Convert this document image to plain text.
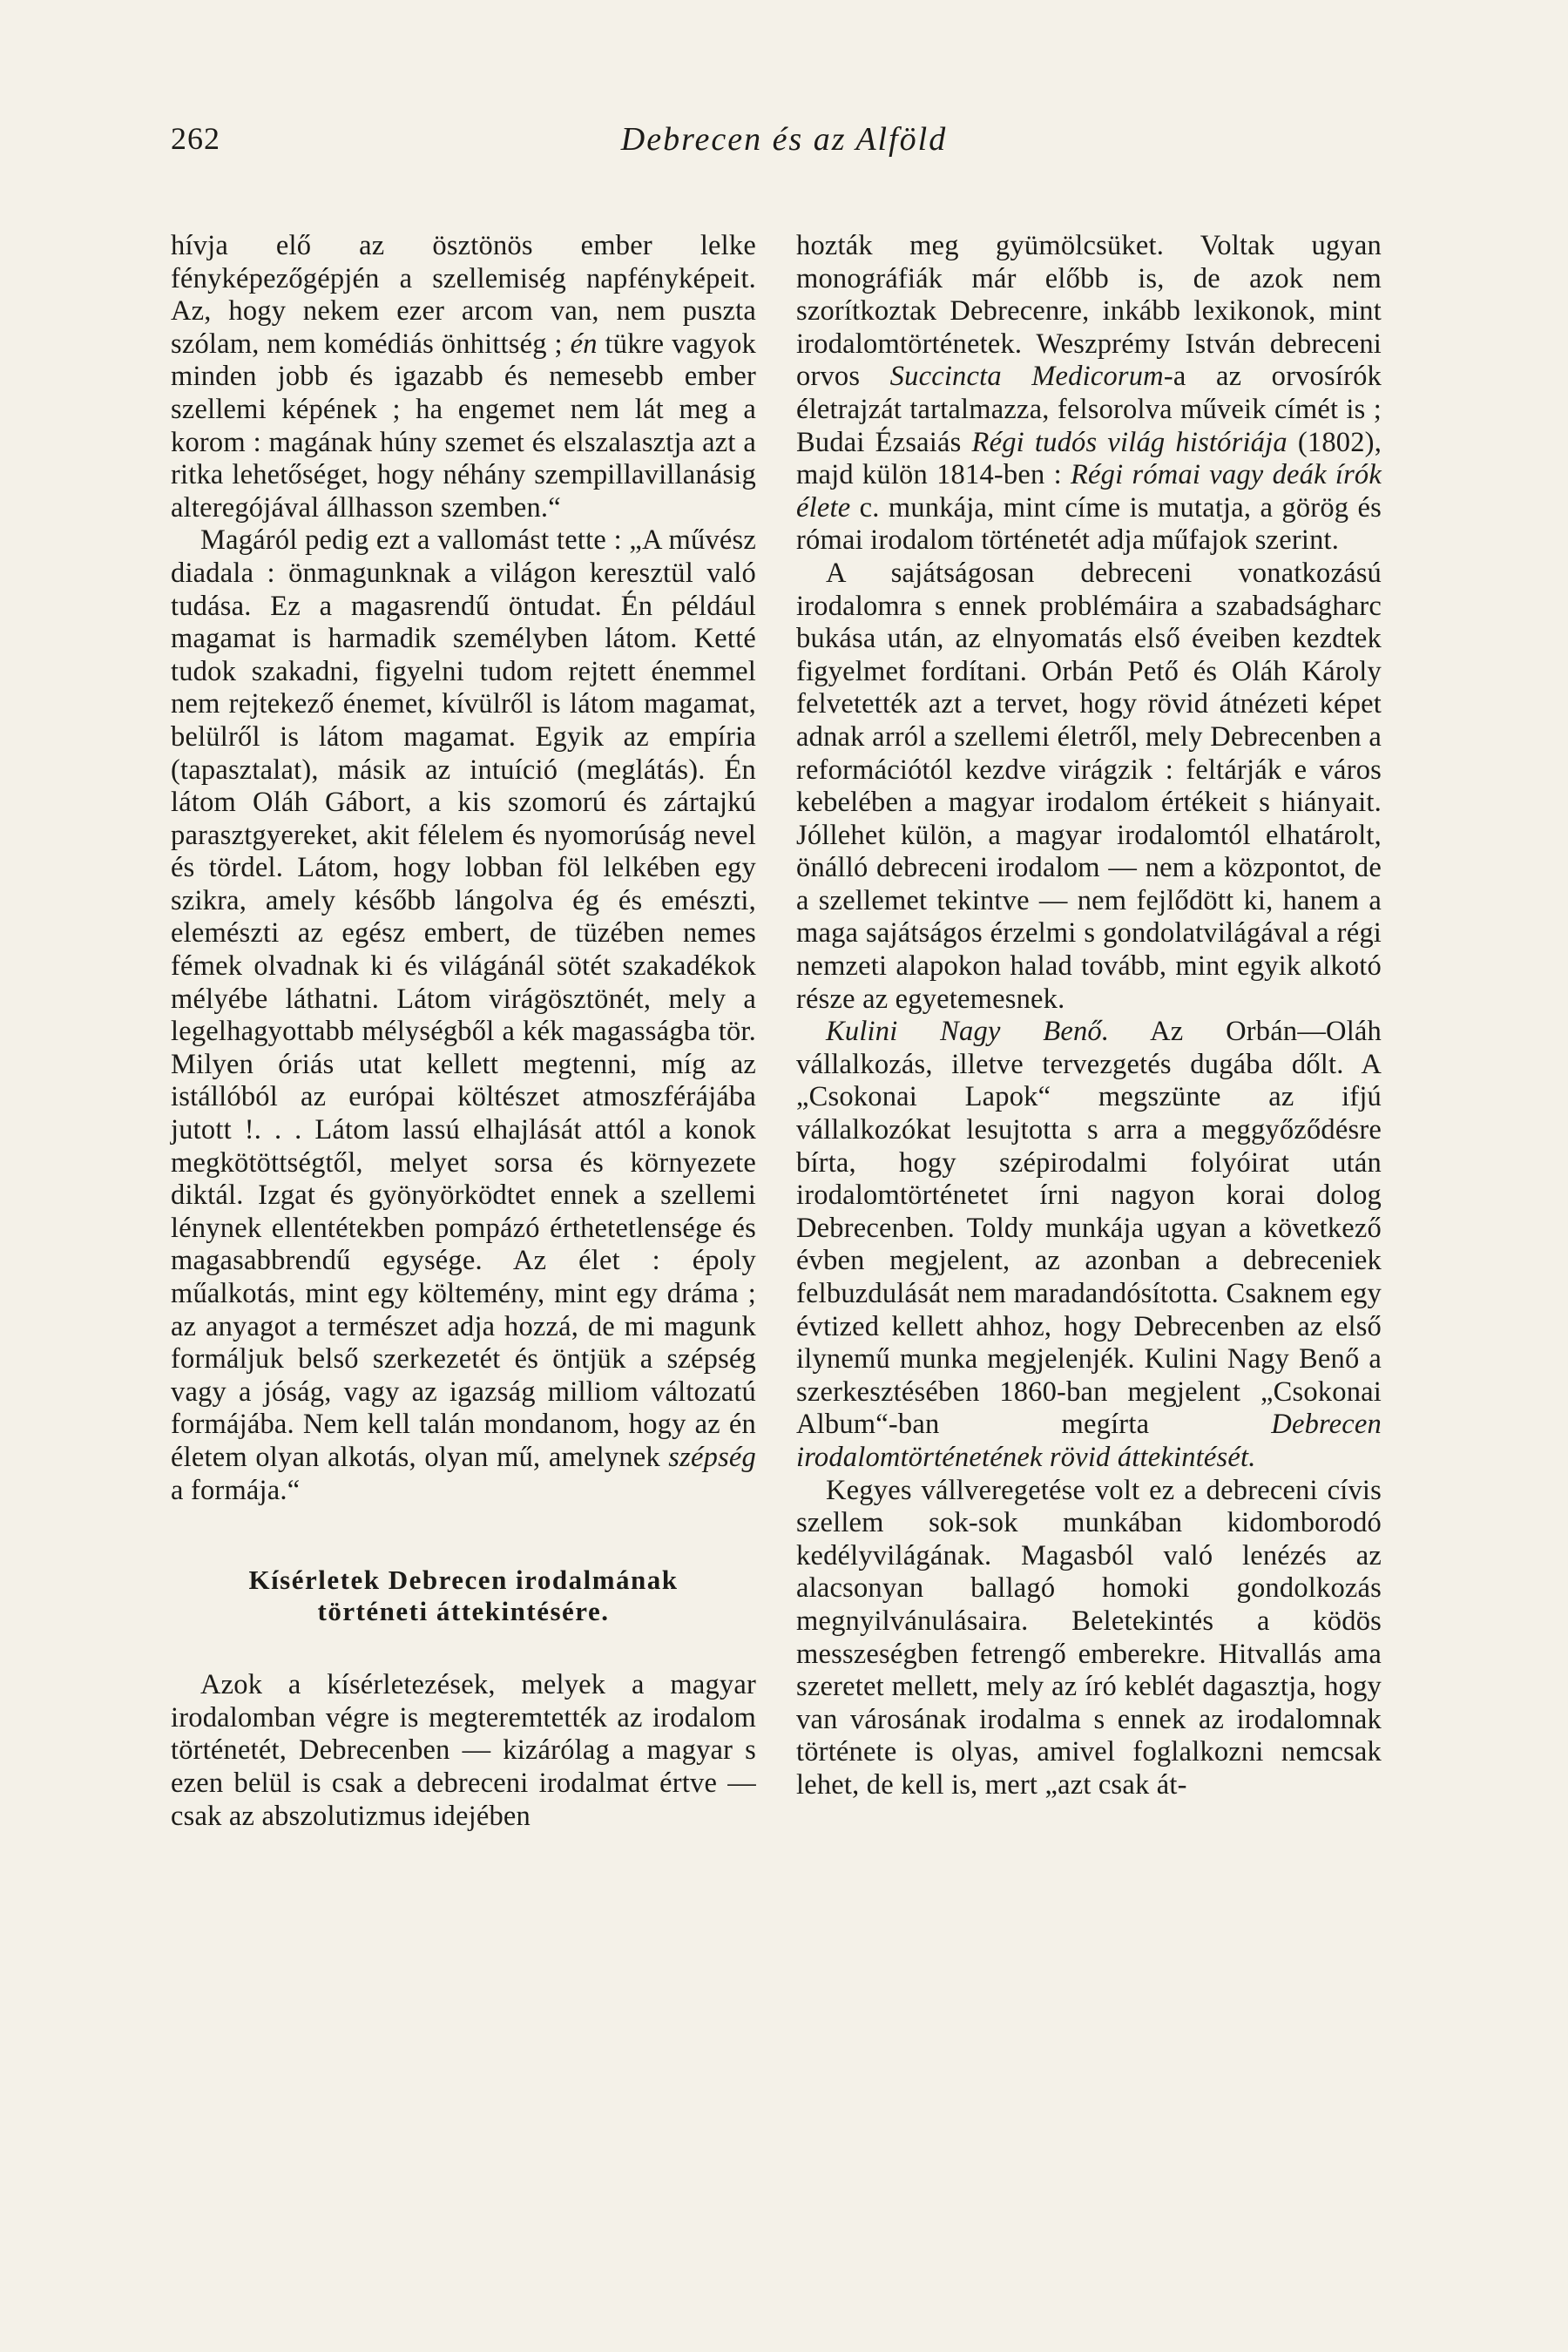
262	Debrecen és az Alföld

hívja elő az ösztönös ember lelke fényképezőgépjén a szellemiség napfényképeit. Az, hogy nekem ezer arcom van, nem puszta szólam, nem komédiás önhittség ; én tükre vagyok minden jobb és igazabb és nemesebb ember szellemi képének ; ha engemet nem lát meg a korom : magának húny szemet és elszalasztja azt a ritka lehetőséget, hogy néhány szempillavillanásig alteregójával állhasson szemben.“

Magáról pedig ezt a vallomást tette : „A művész diadala : önmagunknak a világon keresztül való tudása. Ez a magasrendű öntudat. Én például magamat is harmadik személyben látom. Ketté tudok szakadni, figyelni tudom rejtett énemmel nem rejtekező énemet, kívülről is látom magamat, belülről is látom magamat. Egyik az empíria (tapasztalat), másik az intuíció (meglátás). Én látom Oláh Gábort, a kis szomorú és zártajkú parasztgyereket, akit félelem és nyomorúság nevel és tördel. Látom, hogy lobban föl lelkében egy szikra, amely később lángolva ég és emészti, elemészti az egész embert, de tüzében nemes fémek olvadnak ki és világánál sötét szakadékok mélyébe láthatni. Látom virágösztönét, mely a legelhagyottabb mélységből a kék magasságba tör. Milyen óriás utat kellett megtenni, míg az istállóból az európai költészet atmoszférájába jutott !. . . Látom lassú elhajlását attól a konok megkötöttségtől, melyet sorsa és környezete diktál. Izgat és gyönyörködtet ennek a szellemi lénynek ellentétekben pompázó érthetetlensége és magasabbrendű egysége. Az élet : époly műalkotás, mint egy költemény, mint egy dráma ; az anyagot a természet adja hozzá, de mi magunk formáljuk belső szerkezetét és öntjük a szépség vagy a jóság, vagy az igazság milliom változatú formájába. Nem kell talán mondanom, hogy az én életem olyan alkotás, olyan mű, amelynek szépség a formája.“

Kísérletek Debrecen irodalmának
történeti áttekintésére.

Azok a kísérletezések, melyek a magyar irodalomban végre is megteremtették az irodalom történetét, Debrecenben — kizárólag a magyar s ezen belül is csak a debreceni irodalmat értve — csak az abszolutizmus idejében

hozták meg gyümölcsüket. Voltak ugyan monográfiák már előbb is, de azok nem szorítkoztak Debrecenre, inkább lexikonok, mint irodalomtörténetek. Weszprémy István debreceni orvos Succincta Medicorum-a az orvosírók életrajzát tartalmazza, felsorolva műveik címét is ; Budai Ézsaiás Régi tudós világ históriája (1802), majd külön 1814-ben : Régi római vagy deák írók élete c. munkája, mint címe is mutatja, a görög és római irodalom történetét adja műfajok szerint.

A sajátságosan debreceni vonatkozású irodalomra s ennek problémáira a szabadságharc bukása után, az elnyomatás első éveiben kezdtek figyelmet fordítani. Orbán Pető és Oláh Károly felvetették azt a tervet, hogy rövid átnézeti képet adnak arról a szellemi életről, mely Debrecenben a reformációtól kezdve virágzik : feltárják e város kebelében a magyar irodalom értékeit s hiányait. Jóllehet külön, a magyar irodalomtól elhatárolt, önálló debreceni irodalom — nem a központot, de a szellemet tekintve — nem fejlődött ki, hanem a maga sajátságos érzelmi s gondolatvilágával a régi nemzeti alapokon halad tovább, mint egyik alkotó része az egyetemesnek.

Kulini Nagy Benő. Az Orbán—Oláh vállalkozás, illetve tervezgetés dugába dőlt. A „Csokonai Lapok“ megszünte az ifjú vállalkozókat lesujtotta s arra a meggyőződésre bírta, hogy szépirodalmi folyóirat után irodalomtörténetet írni nagyon korai dolog Debrecenben. Toldy munkája ugyan a következő évben megjelent, az azonban a debreceniek felbuzdulását nem maradandósította. Csaknem egy évtized kellett ahhoz, hogy Debrecenben az első ilynemű munka megjelenjék. Kulini Nagy Benő a szerkesztésében 1860-ban megjelent „Csokonai Album“-ban megírta	Debrecen irodalomtörténetének rövid áttekintését.

Kegyes vállveregetése volt ez a debreceni cívis szellem sok-sok munkában kidomborodó kedélyvilágának. Magasból való lenézés az alacsonyan ballagó homoki gondolkozás megnyilvánulásaira. Beletekintés a ködös messzeségben fetrengő emberekre. Hitvallás ama szeretet mellett, mely az író keblét dagasztja, hogy van városának irodalma s ennek az irodalomnak története is olyas, amivel foglalkozni nemcsak lehet, de kell is, mert „azt csak át-
